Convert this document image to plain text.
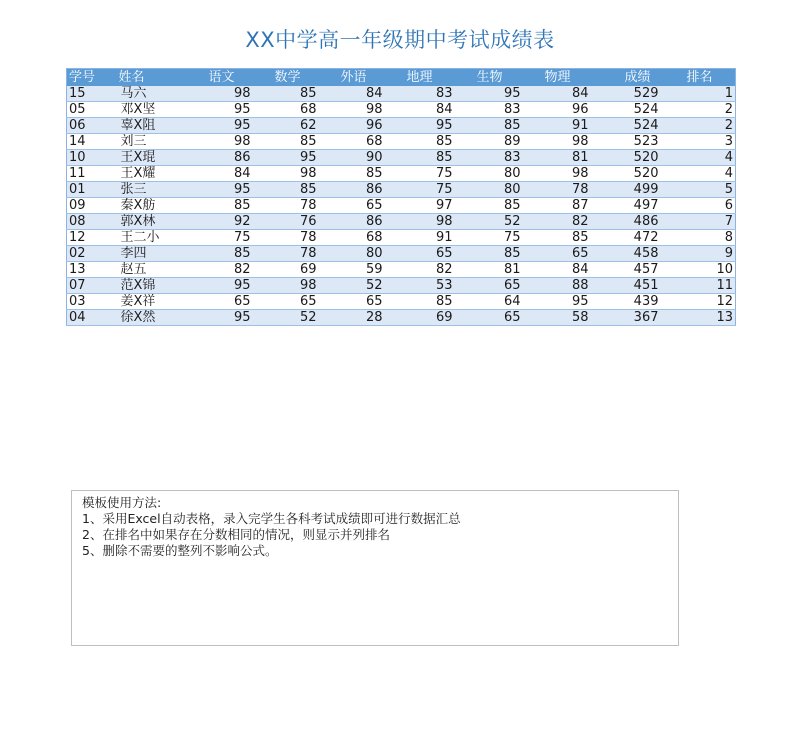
XX中学高一年级期中考试成绩表
学号	姓名	语文	数学	外语	地理	生物	物理	成绩	排名
15	马六	98	85	84	83	95	84	529	1
05	邓X坚	95	68	98	84	83	96	524	2
06	辜X阻	95	62	96	95	85	91	524	2
14	刘三	98	85	68	85	89	98	523	3
10	王X琨	86	95	90	85	83	81	520	4
11	王X耀	84	98	85	75	80	98	520	4
01	张三	95	85	86	75	80	78	499	5
09	秦X舫	85	78	65	97	85	87	497	6
08	郭X林	92	76	86	98	52	82	486	7
12	王二小	75	78	68	91	75	85	472	8
02	李四	85	78	80	65	85	65	458	9
13	赵五	82	69	59	82	81	84	457	10
07	范X锦	95	98	52	53	65	88	451	11
03	姜X祥	65	65	65	85	64	95	439	12
04	徐X然	95	52	28	69	65	58	367	13
模板使用方法:
1、采用Excel自动表格，录入完学生各科考试成绩即可进行数据汇总
2、在排名中如果存在分数相同的情况，则显示并列排名
5、删除不需要的整列不影响公式。
